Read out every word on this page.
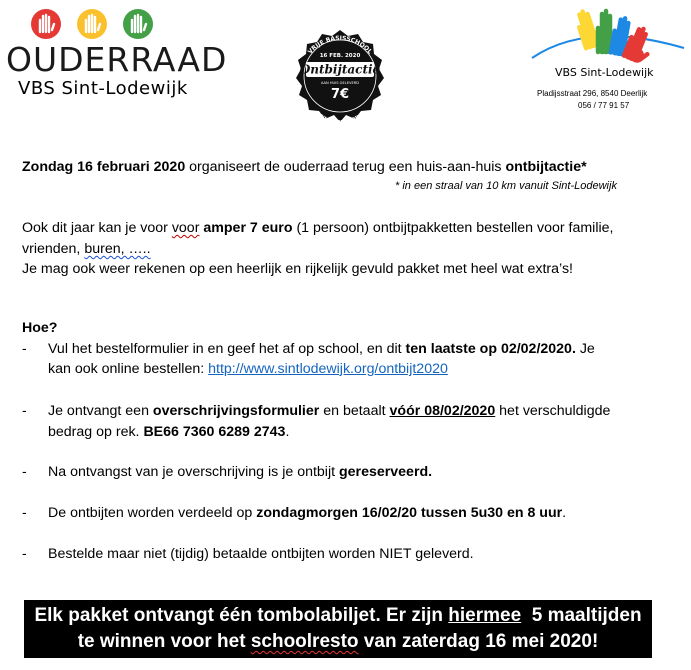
OUDERRAAD
VBS Sint-Lodewijk
VRIJE BASISSCHOOL
16 FEB. 2020
Ontbijtactie
AAN HUIS GELEVERD
7€
SINT-LODEWIJK
VBS Sint-Lodewijk
Pladijsstraat 296, 8540 Deerlijk
056 / 77 91 57
Zondag 16 februari 2020 organiseert de ouderraad terug een huis-aan-huis ontbijtactie*
* in een straal van 10 km vanuit Sint-Lodewijk
Ook dit jaar kan je voor voor amper 7 euro (1 persoon) ontbijtpakketten bestellen voor familie,
vrienden, buren, …..
Je mag ook weer rekenen op een heerlijk en rijkelijk gevuld pakket met heel wat extra’s!
Hoe?
- Vul het bestelformulier in en geef het af op school, en dit ten laatste op 02/02/2020. Je
kan ook online bestellen: http://www.sintlodewijk.org/ontbijt2020
- Je ontvangt een overschrijvingsformulier en betaalt vóór 08/02/2020 het verschuldigde
bedrag op rek. BE66 7360 6289 2743.
- Na ontvangst van je overschrijving is je ontbijt gereserveerd.
- De ontbijten worden verdeeld op zondagmorgen 16/02/20 tussen 5u30 en 8 uur.
- Bestelde maar niet (tijdig) betaalde ontbijten worden NIET geleverd.
Elk pakket ontvangt één tombolabiljet. Er zijn hiermee  5 maaltijden
te winnen voor het schoolresto van zaterdag 16 mei 2020!
